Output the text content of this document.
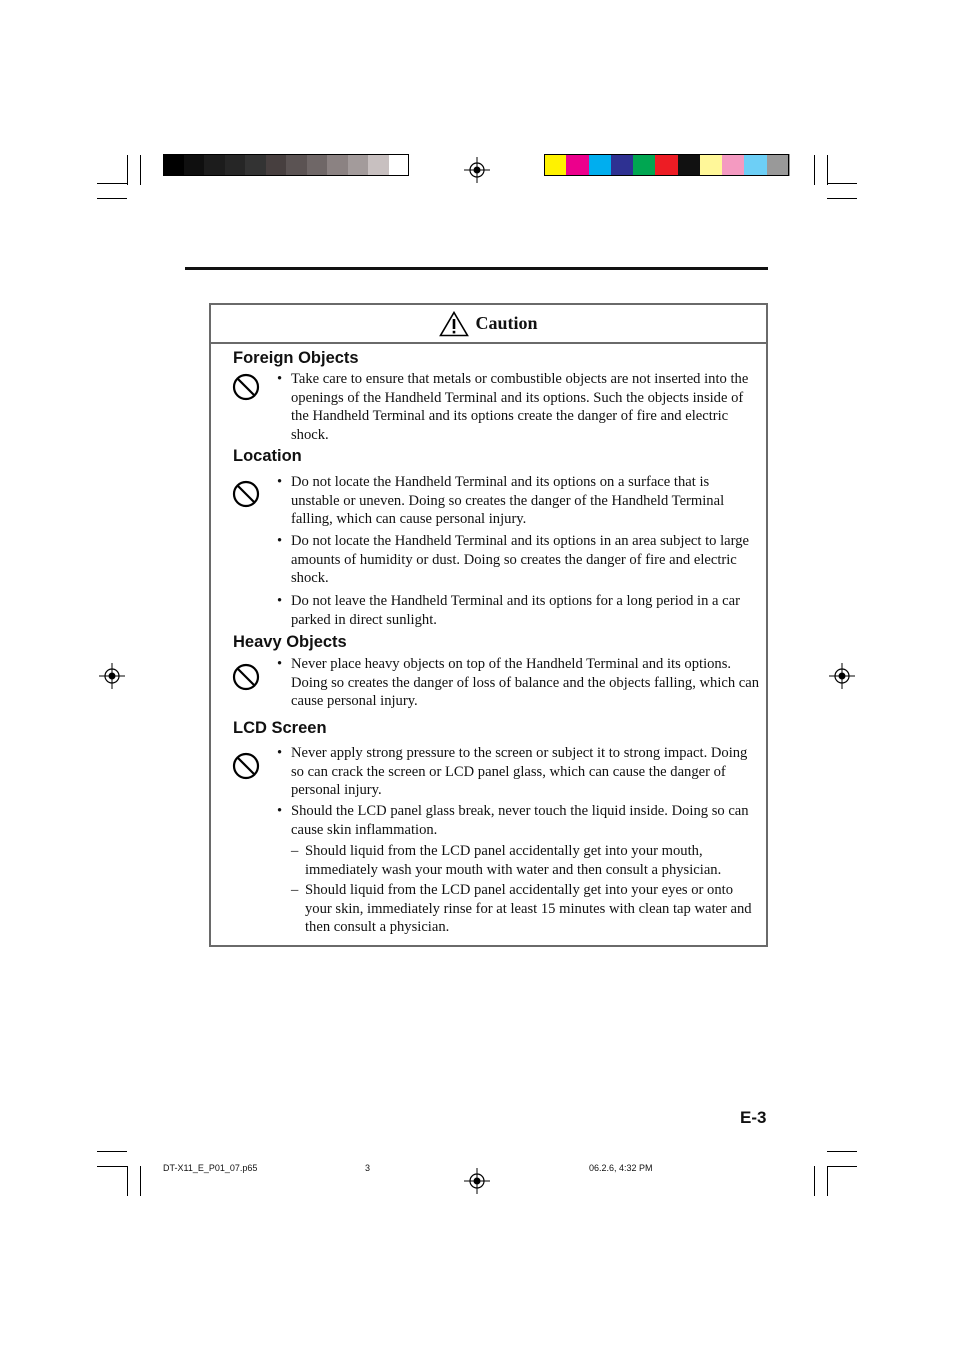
Caution
Foreign Objects
• Take care to ensure that metals or combustible objects are not inserted into the openings of the Handheld Terminal and its options. Such the objects inside of the Handheld Terminal and its options create the danger of fire and electric shock.
Location
• Do not locate the Handheld Terminal and its options on a surface that is unstable or uneven. Doing so creates the danger of the Handheld Terminal falling, which can cause personal injury.
• Do not locate the Handheld Terminal and its options in an area subject to large amounts of humidity or dust. Doing so creates the danger of fire and electric shock.
• Do not leave the Handheld Terminal and its options for a long period in a car parked in direct sunlight.
Heavy Objects
• Never place heavy objects on top of the Handheld Terminal and its options. Doing so creates the danger of loss of balance and the objects falling, which can cause personal injury.
LCD Screen
• Never apply strong pressure to the screen or subject it to strong impact. Doing so can crack the screen or LCD panel glass, which can cause the danger of personal injury.
• Should the LCD panel glass break, never touch the liquid inside. Doing so can cause skin inflammation.
– Should liquid from the LCD panel accidentally get into your mouth, immediately wash your mouth with water and then consult a physician.
– Should liquid from the LCD panel accidentally get into your eyes or onto your skin, immediately rinse for at least 15 minutes with clean tap water and then consult a physician.
E-3
DT-X11_E_P01_07.p65	3	06.2.6, 4:32 PM
